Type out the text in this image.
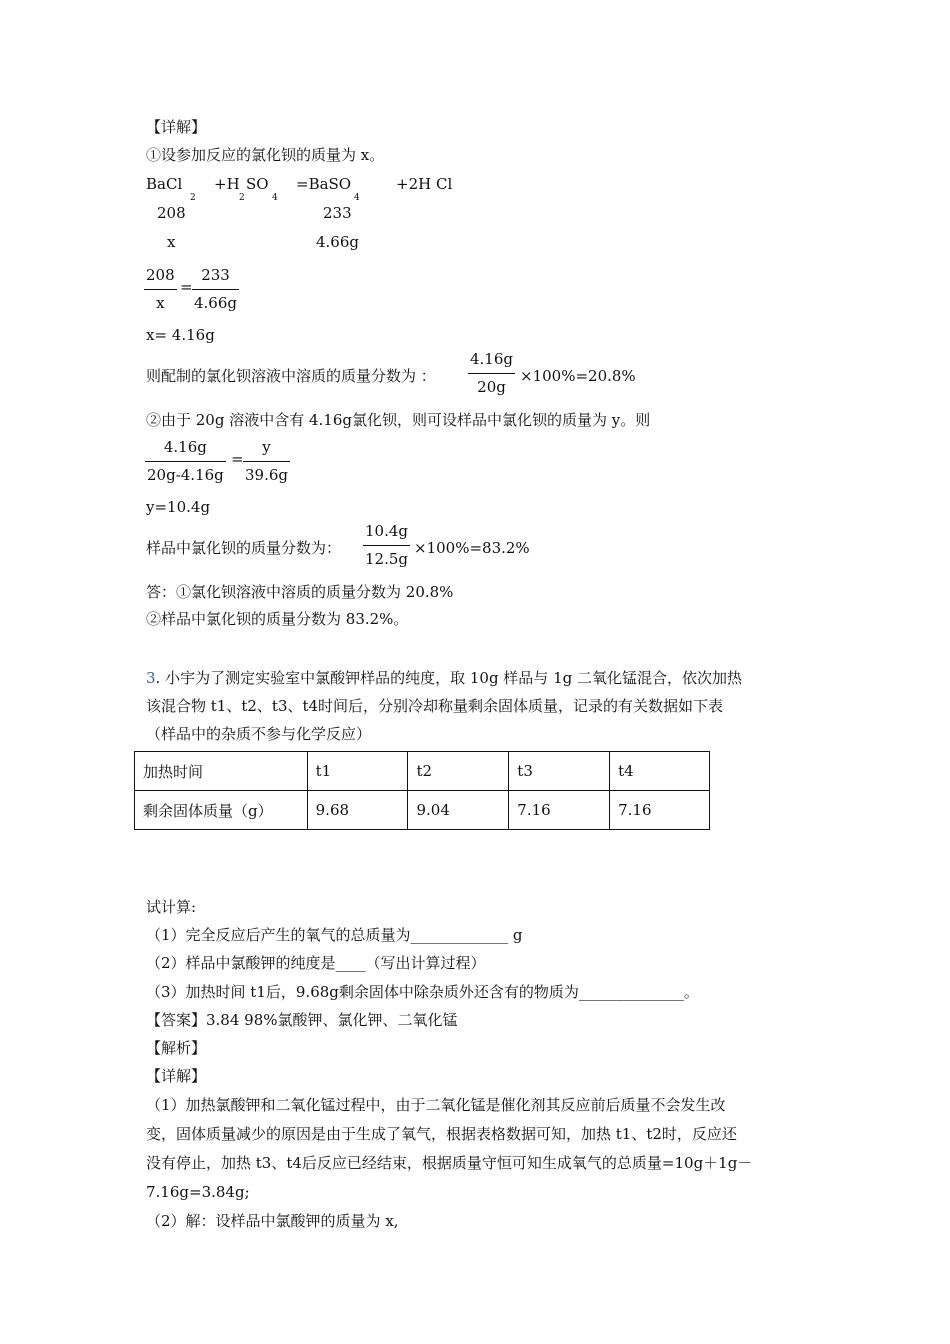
【详解】
①设参加反应的氯化钡的质量为 x。
BaCl
2
+H
2
SO
4
=BaSO
4
+2H Cl
208	233
x	4.66g
208
x
=
233
4.66g
x= 4.16g
则配制的氯化钡溶液中溶质的质量分数为 ：
4.16g
20g
×100%=20.8%
②由于 20g 溶液中含有 4.16g氯化钡，则可设样品中氯化钡的质量为 y。则
4.16g
20g-4.16g
=
y
39.6g
y=10.4g
样品中氯化钡的质量分数为：
10.4g
12.5g
×100%=83.2%
答：①氯化钡溶液中溶质的质量分数为 20.8%
②样品中氯化钡的质量分数为 83.2%。
3. 小宇为了测定实验室中氯酸钾样品的纯度，取 10g 样品与 1g 二氧化锰混合，依次加热
该混合物 t1、t2、t3、t4时间后，分别冷却称量剩余固体质量，记录的有关数据如下表
（样品中的杂质不参与化学反应）
加热时间	t1	t2	t3	t4
剩余固体质量（g）	9.68	9.04	7.16	7.16
试计算:
（1）完全反应后产生的氧气的总质量为_____________ g
（2）样品中氯酸钾的纯度是____（写出计算过程）
（3）加热时间 t1后，9.68g剩余固体中除杂质外还含有的物质为______________。
【答案】3.84 98%氯酸钾、氯化钾、二氧化锰
【解析】
【详解】
（1）加热氯酸钾和二氧化锰过程中，由于二氧化锰是催化剂其反应前后质量不会发生改
变，固体质量减少的原因是由于生成了氧气，根据表格数据可知，加热 t1、t2时，反应还
没有停止，加热 t3、t4后反应已经结束，根据质量守恒可知生成氧气的总质量=10g＋1g－
7.16g=3.84g;
（2）解：设样品中氯酸钾的质量为 x,
